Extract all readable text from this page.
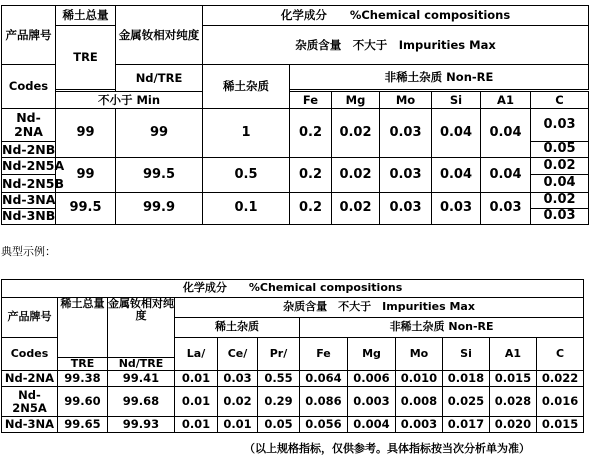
产品牌号	稀土总量	金属钕相对纯度	化学成分　　%Chemical compositions						
	TRE		杂质含量　不大于　Impurities Max						
Codes		Nd/TRE	稀土杂质	非稀土杂质 Non-RE					

	不小于 Min			Fe	Mg	Mo	Si	A1	C
Nd-
2NA	99	99	1	0.2	0.02	0.03	0.04	0.04	0.03
Nd-2NB									0.05
Nd-2N5A	99	99.5	0.5	0.2	0.02	0.03	0.04	0.04	0.02
Nd-2N5B									0.04
Nd-3NA	99.5	99.9	0.1	0.2	0.02	0.03	0.03	0.03	0.02
Nd-3NB									0.03
典型示例：
化学成分　　%Chemical compositions											
产品牌号	稀土总量	金属钕相对纯度	杂质含量　不大于　Impurities Max								
			稀土杂质			非稀土杂质 Non-RE					
Codes			La/	Ce/	Pr/	Fe	Mg	Mo	Si	A1	C
	TRE	Nd/TRE									
Nd-2NA	99.38	99.41	0.01	0.03	0.55	0.064	0.006	0.010	0.018	0.015	0.022
Nd-
2N5A	99.60	99.68	0.01	0.02	0.29	0.086	0.003	0.008	0.025	0.028	0.016
Nd-3NA	99.65	99.93	0.01	0.01	0.05	0.056	0.004	0.003	0.017	0.020	0.015
（以上规格指标，仅供参考。具体指标按当次分析单为准）
